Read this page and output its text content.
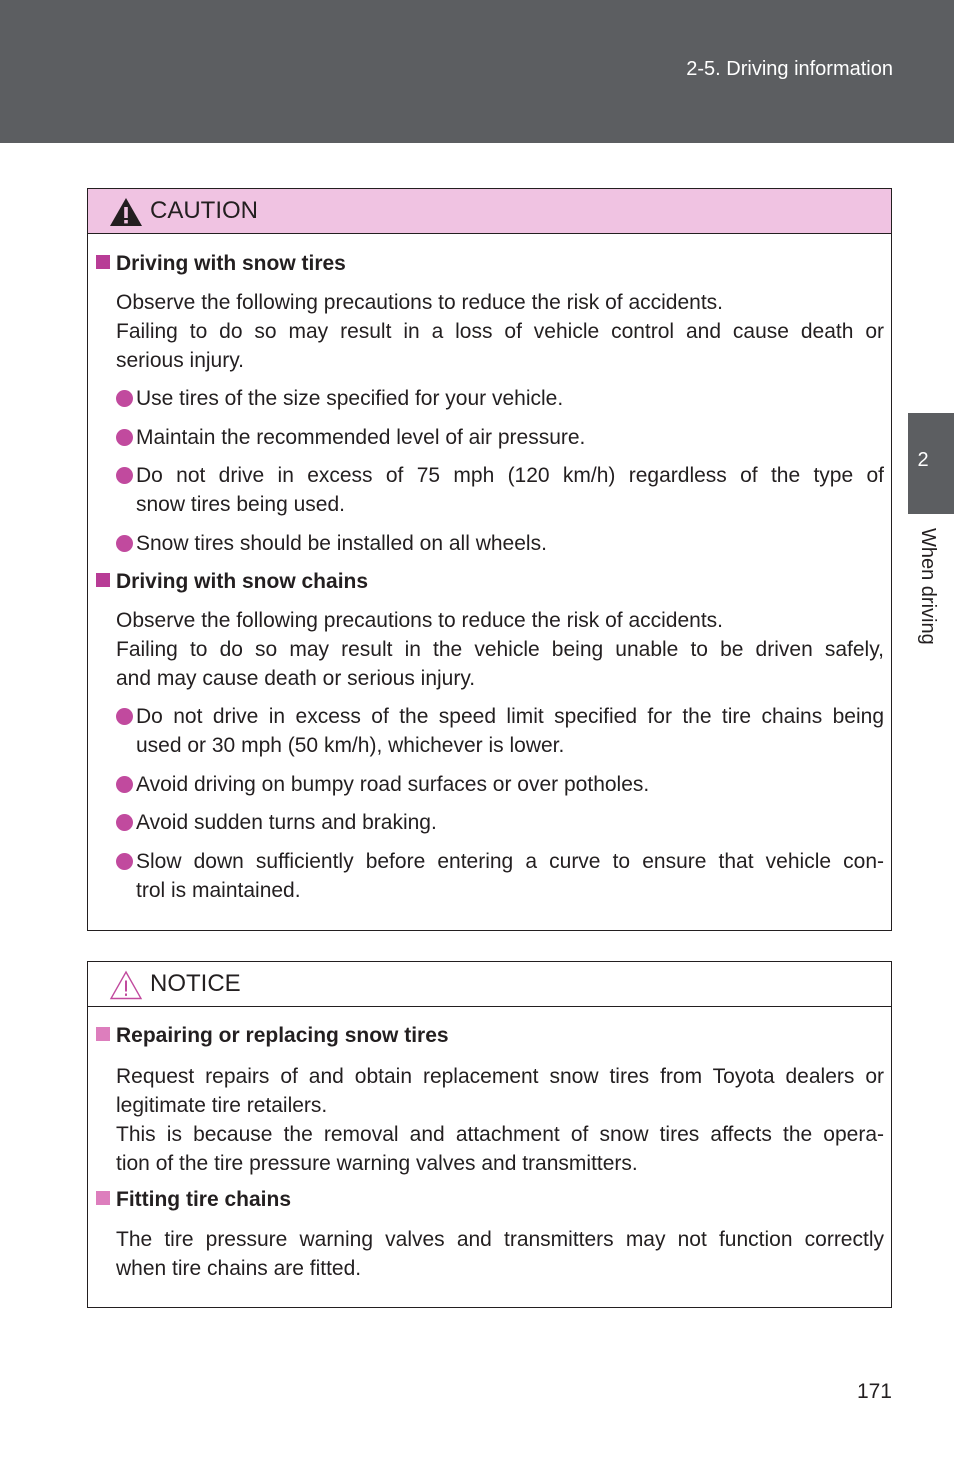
2-5. Driving information
2
When driving
CAUTION
Driving with snow tires
Observe the following precautions to reduce the risk of accidents.
Failing to do so may result in a loss of vehicle control and cause death or
serious injury.
Use tires of the size specified for your vehicle.
Maintain the recommended level of air pressure.
Do not drive in excess of 75 mph (120 km/h) regardless of the type of
snow tires being used.
Snow tires should be installed on all wheels.
Driving with snow chains
Observe the following precautions to reduce the risk of accidents.
Failing to do so may result in the vehicle being unable to be driven safely,
and may cause death or serious injury.
Do not drive in excess of the speed limit specified for the tire chains being
used or 30 mph (50 km/h), whichever is lower.
Avoid driving on bumpy road surfaces or over potholes.
Avoid sudden turns and braking.
Slow down sufficiently before entering a curve to ensure that vehicle con-
trol is maintained.
NOTICE
Repairing or replacing snow tires
Request repairs of and obtain replacement snow tires from Toyota dealers or
legitimate tire retailers.
This is because the removal and attachment of snow tires affects the opera-
tion of the tire pressure warning valves and transmitters.
Fitting tire chains
The tire pressure warning valves and transmitters may not function correctly
when tire chains are fitted.
171
